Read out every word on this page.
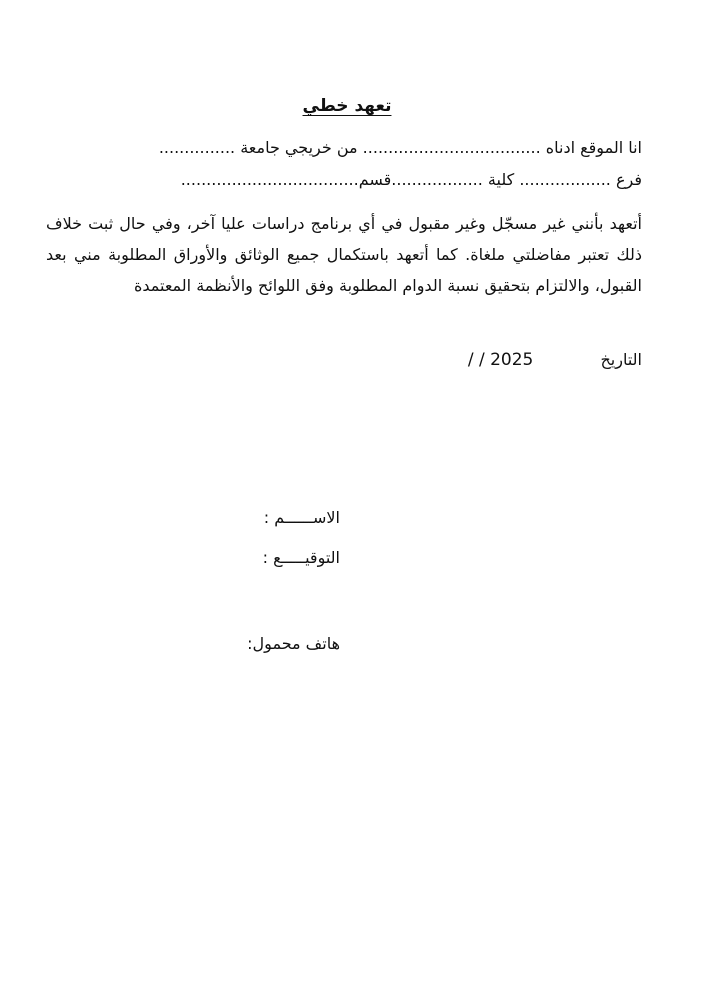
تعهد خطي
انا الموقع ادناه ................................... من خريجي جامعة ...............
فرع .................. كلية ..................قسم...................................
أتعهد بأنني غير مسجّل وغير مقبول في أي برنامج دراسات عليا آخر، وفي حال ثبت خلاف ذلك تعتبر مفاضلتي ملغاة. كما أتعهد باستكمال جميع الوثائق والأوراق المطلوبة مني بعد القبول، والالتزام بتحقيق نسبة الدوام المطلوبة وفق اللوائح والأنظمة المعتمدة
التاريخ 2025 / /
الاســــــم :
التوقيـــــع :
هاتف محمول:
